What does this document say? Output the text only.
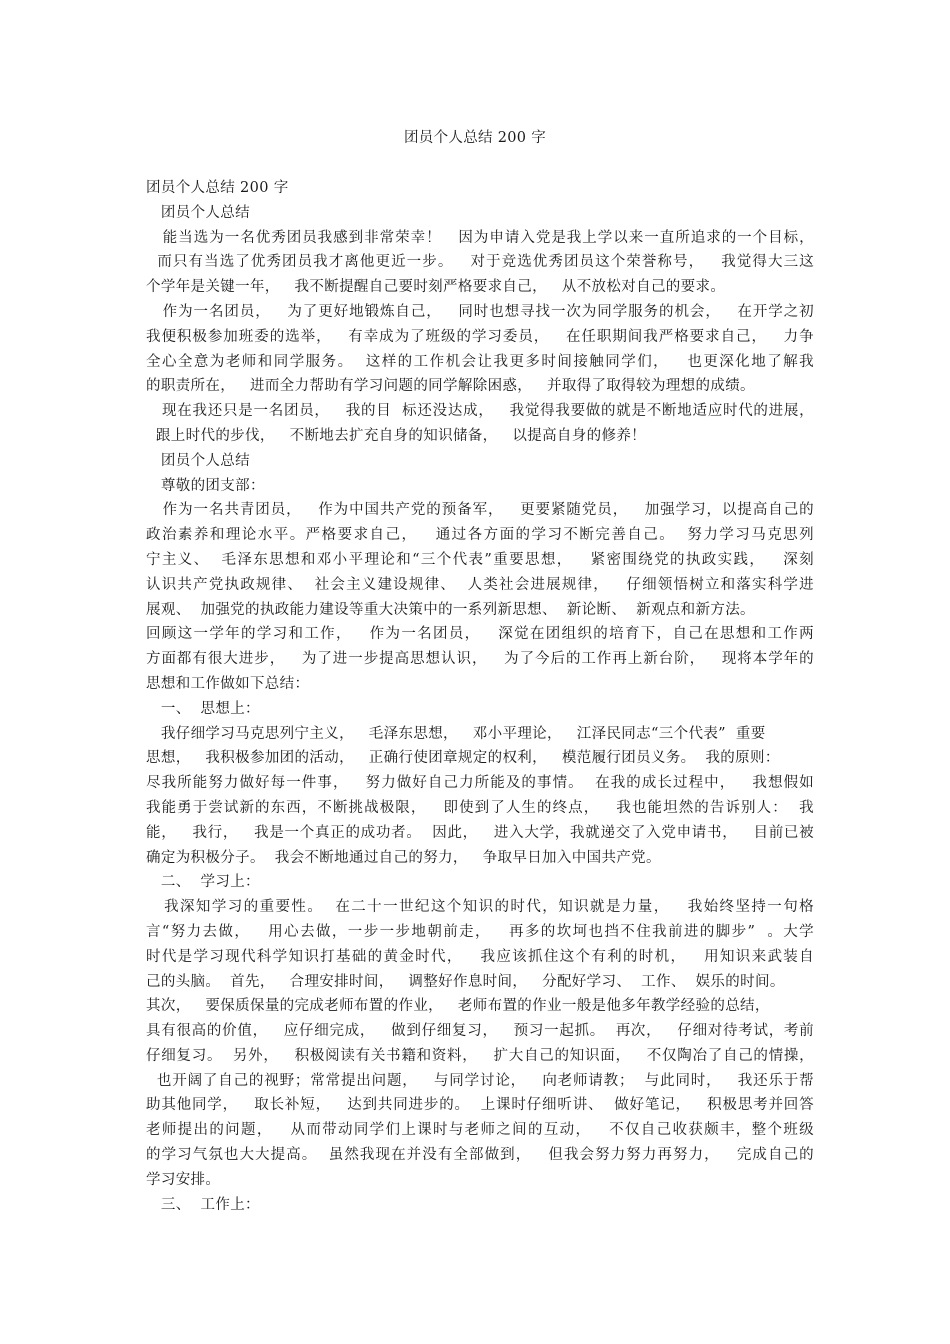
团员个人总结 200 字
团员个人总结 200 字
团员个人总结
能当选为一名优秀团员我感到非常荣幸！   因为申请入党是我上学以来一直所追求的一个目标，
而只有当选了优秀团员我才离他更近一步。   对于竞选优秀团员这个荣誉称号，   我觉得大三这
个学年是关键一年，   我不断提醒自己要时刻严格要求自己，   从不放松对自己的要求。
作为一名团员，   为了更好地锻炼自己，   同时也想寻找一次为同学服务的机会，   在开学之初
我便积极参加班委的选举，   有幸成为了班级的学习委员，   在任职期间我严格要求自己，   力争
全心全意为老师和同学服务。  这样的工作机会让我更多时间接触同学们，   也更深化地了解我
的职责所在，   进而全力帮助有学习问题的同学解除困惑，   并取得了取得较为理想的成绩。
现在我还只是一名团员，   我的目  标还没达成，   我觉得我要做的就是不断地适应时代的进展，
跟上时代的步伐，   不断地去扩充自身的知识储备，   以提高自身的修养！
团员个人总结
尊敬的团支部：
作为一名共青团员，   作为中国共产党的预备军，   更要紧随党员，   加强学习，以提高自己的
政治素养和理论水平。严格要求自己，   通过各方面的学习不断完善自己。  努力学习马克思列
宁主义、  毛泽东思想和邓小平理论和“三个代表”重要思想，   紧密围绕党的执政实践，   深刻
认识共产党执政规律、  社会主义建设规律、  人类社会进展规律，   仔细领悟树立和落实科学进
展观、  加强党的执政能力建设等重大决策中的一系列新思想、  新论断、  新观点和新方法。
回顾这一学年的学习和工作，   作为一名团员，   深觉在团组织的培育下，自己在思想和工作两
方面都有很大进步，   为了进一步提高思想认识，   为了今后的工作再上新台阶，   现将本学年的
思想和工作做如下总结：
一、  思想上：
我仔细学习马克思列宁主义，   毛泽东思想，   邓小平理论，   江泽民同志“三个代表”  重要
思想，   我积极参加团的活动，   正确行使团章规定的权利，   模范履行团员义务。  我的原则：
尽我所能努力做好每一件事，   努力做好自己力所能及的事情。  在我的成长过程中，   我想假如
我能勇于尝试新的东西，不断挑战极限，   即使到了人生的终点，   我也能坦然的告诉别人：  我
能，   我行，   我是一个真正的成功者。  因此，   进入大学，我就递交了入党申请书，   目前已被
确定为积极分子。  我会不断地通过自己的努力，   争取早日加入中国共产党。
二、  学习上：
我深知学习的重要性。  在二十一世纪这个知识的时代，知识就是力量，   我始终坚持一句格
言“努力去做，   用心去做，一步一步地朝前走，   再多的坎坷也挡不住我前进的脚步”  。大学
时代是学习现代科学知识打基础的黄金时代，   我应该抓住这个有利的时机，   用知识来武装自
己的头脑。  首先，   合理安排时间，   调整好作息时间，   分配好学习、  工作、  娱乐的时间。
其次，   要保质保量的完成老师布置的作业，   老师布置的作业一般是他多年教学经验的总结，
具有很高的价值，   应仔细完成，   做到仔细复习，   预习一起抓。  再次，   仔细对待考试，考前
仔细复习。  另外，   积极阅读有关书籍和资料，   扩大自己的知识面，   不仅陶冶了自己的情操，
也开阔了自己的视野；常常提出问题，   与同学讨论，   向老师请教；  与此同时，   我还乐于帮
助其他同学，   取长补短，   达到共同进步的。  上课时仔细听讲、  做好笔记，   积极思考并回答
老师提出的问题，   从而带动同学们上课时与老师之间的互动，   不仅自己收获颇丰，整个班级
的学习气氛也大大提高。  虽然我现在并没有全部做到，   但我会努力努力再努力，   完成自己的
学习安排。
三、  工作上：
